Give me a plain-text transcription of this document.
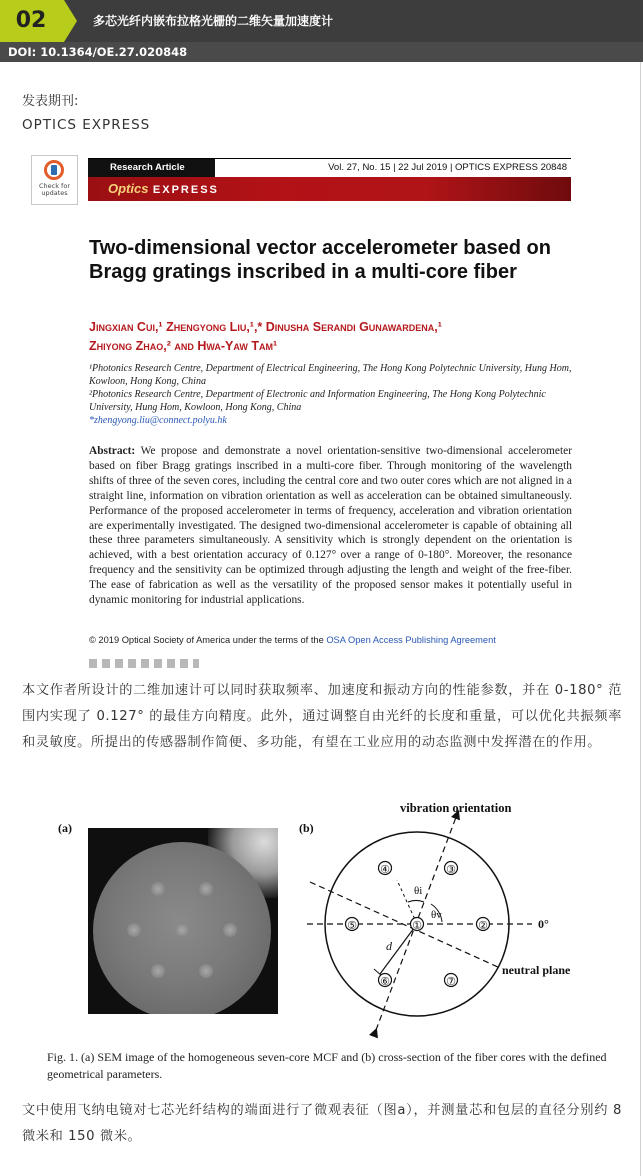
02	多芯光纤内嵌布拉格光栅的二维矢量加速度计
DOI: 10.1364/OE.27.020848
发表期刊:
OPTICS EXPRESS
Check for updates
Research Article	Vol. 27, No. 15 | 22 Jul 2019 | OPTICS EXPRESS 20848
Optics EXPRESS
Two-dimensional vector accelerometer based on Bragg gratings inscribed in a multi-core fiber
Jingxian Cui,¹ Zhengyong Liu,¹,* Dinusha Serandi Gunawardena,¹
Zhiyong Zhao,² and Hwa-Yaw Tam¹
¹Photonics Research Centre, Department of Electrical Engineering, The Hong Kong Polytechnic University, Hung Hom, Kowloon, Hong Kong, China
²Photonics Research Centre, Department of Electronic and Information Engineering, The Hong Kong Polytechnic University, Hung Hom, Kowloon, Hong Kong, China
*zhengyong.liu@connect.polyu.hk
Abstract: We propose and demonstrate a novel orientation-sensitive two-dimensional accelerometer based on fiber Bragg gratings inscribed in a multi-core fiber. Through monitoring of the wavelength shifts of three of the seven cores, including the central core and two outer cores which are not aligned in a straight line, information on vibration orientation as well as acceleration can be obtained simultaneously. Performance of the proposed accelerometer in terms of frequency, acceleration and vibration orientation are experimentally investigated. The designed two-dimensional accelerometer is capable of obtaining all these three parameters simultaneously. A sensitivity which is strongly dependent on the orientation is achieved, with a best orientation accuracy of 0.127° over a range of 0-180°. Moreover, the resonance frequency and the sensitivity can be optimized through adjusting the length and weight of the free-fiber. The ease of fabrication as well as the versatility of the proposed sensor makes it potentially useful in dynamic monitoring for industrial applications.
© 2019 Optical Society of America under the terms of the OSA Open Access Publishing Agreement
本文作者所设计的二维加速计可以同时获取频率、加速度和振动方向的性能参数，并在 0-180° 范围内实现了 0.127° 的最佳方向精度。此外，通过调整自由光纤的长度和重量，可以优化共振频率和灵敏度。所提出的传感器制作简便、多功能，有望在工业应用的动态监测中发挥潜在的作用。
(a)	(b)
①	②
③
④
⑤
⑥	⑦
vibration orientation
neutral plane
0°
θi
θv
d
Fig. 1. (a) SEM image of the homogeneous seven-core MCF and (b) cross-section of the fiber cores with the defined geometrical parameters.
文中使用飞纳电镜对七芯光纤结构的端面进行了微观表征（图a），并测量芯和包层的直径分别约 8 微米和 150 微米。
